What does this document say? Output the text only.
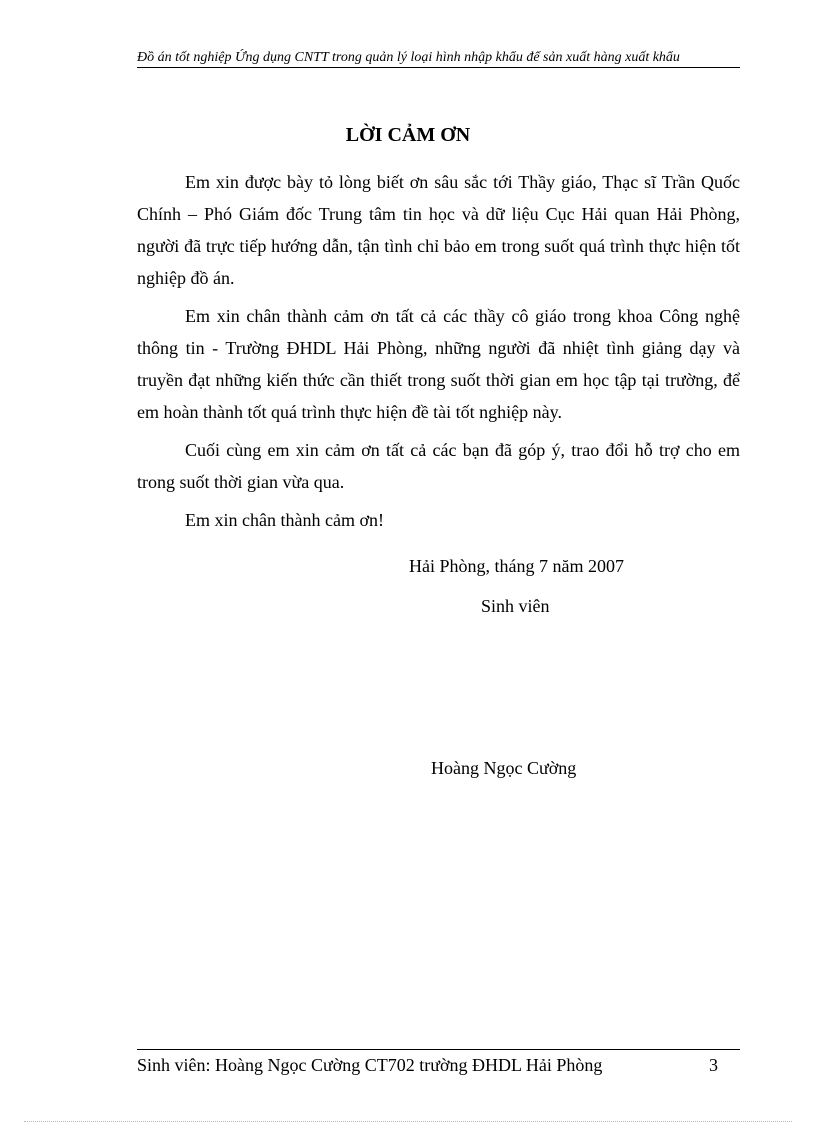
Đồ án tốt nghiệp Ứng dụng CNTT trong quản lý loại hình nhập khẩu để sản xuất hàng xuất khẩu
LỜI CẢM ƠN

Em xin được bày tỏ lòng biết ơn sâu sắc tới Thầy giáo, Thạc sĩ Trần Quốc Chính – Phó Giám đốc Trung tâm tin học và dữ liệu Cục Hải quan Hải Phòng, người đã trực tiếp hướng dẫn, tận tình chỉ bảo em trong suốt quá trình thực hiện tốt nghiệp đồ án.

Em xin chân thành cảm ơn tất cả các thầy cô giáo trong khoa Công nghệ thông tin - Trường ĐHDL Hải Phòng, những người đã nhiệt tình giảng dạy và truyền đạt những kiến thức cần thiết trong suốt thời gian em học tập tại trường, để em hoàn thành tốt quá trình thực hiện đề tài tốt nghiệp này.

Cuối cùng em xin cảm ơn tất cả các bạn đã góp ý, trao đổi hỗ trợ cho em trong suốt thời gian vừa qua.

Em xin chân thành cảm ơn!

Hải Phòng, tháng 7 năm 2007
Sinh viên
Hoàng Ngọc Cường
Sinh viên: Hoàng Ngọc Cường CT702 trường ĐHDL Hải Phòng	3
